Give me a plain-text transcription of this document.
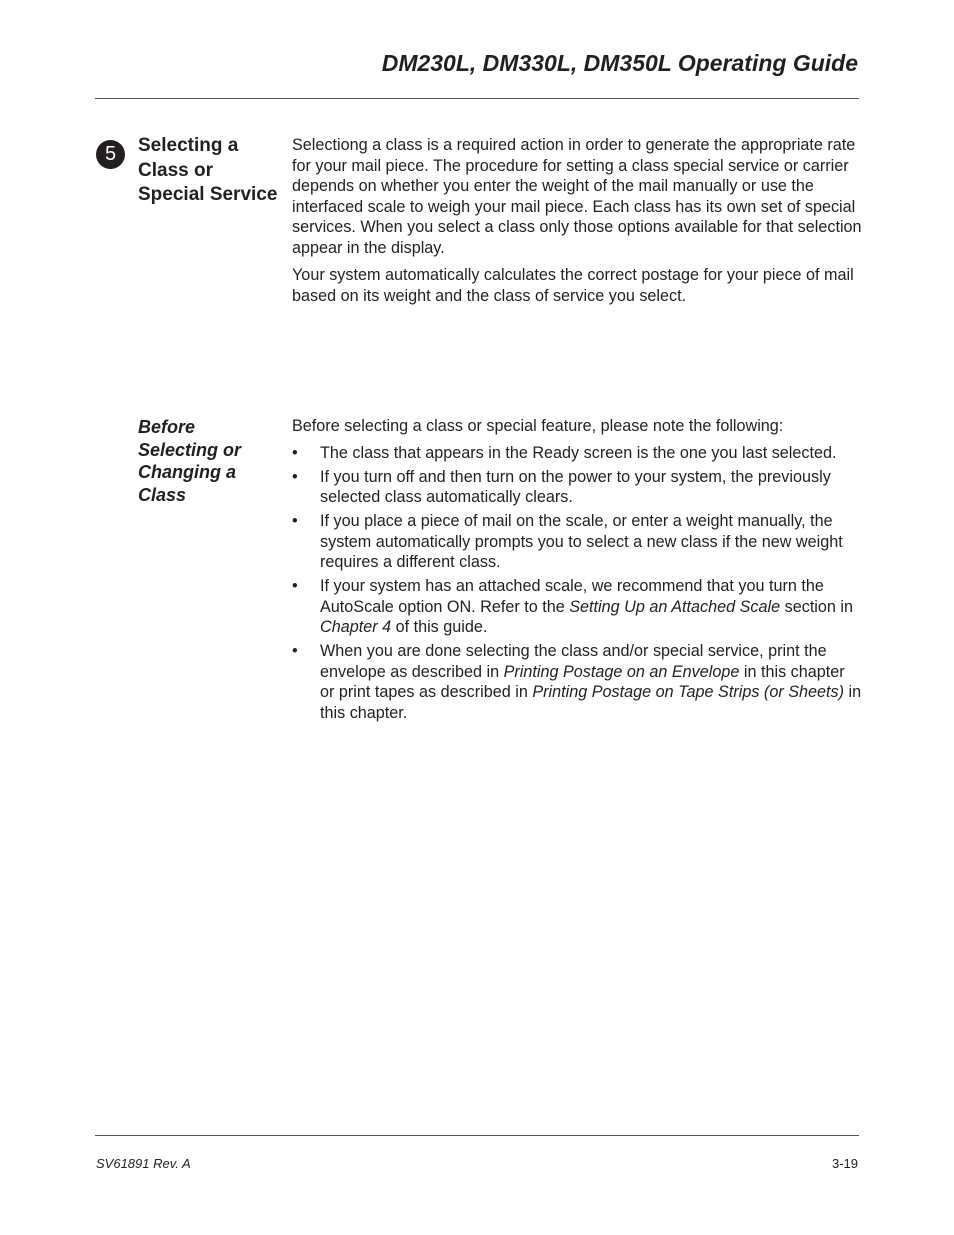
DM230L, DM330L, DM350L Operating Guide
5	Selecting a Class or Special Service

Selectiong a class is a required action in order to generate the appropriate rate for your mail piece. The procedure for setting a class special service or carrier depends on whether you enter the weight of the mail manually or use the interfaced scale to weigh your mail piece. Each class has its own set of special services. When you select a class only those options available for that selection appear in the display.

Your system automatically calculates the correct postage for your piece of mail based on its weight and the class of service you select.

Before Selecting or Changing a Class

Before selecting a class or special feature, please note the following:

• The class that appears in the Ready screen is the one you last selected.
• If you turn off and then turn on the power to your system, the previously selected class automatically clears.
• If you place a piece of mail on the scale, or enter a weight manually, the system automatically prompts you to select a new class if the new weight requires a different class.
• If your system has an attached scale, we recommend that you turn the AutoScale option ON. Refer to the Setting Up an Attached Scale section in Chapter 4 of this guide.
• When you are done selecting the class and/or special service, print the envelope as described in Printing Postage on an Envelope in this chapter or print tapes as described in Printing Postage on Tape Strips (or Sheets) in this chapter.
SV61891 Rev. A	3-19
